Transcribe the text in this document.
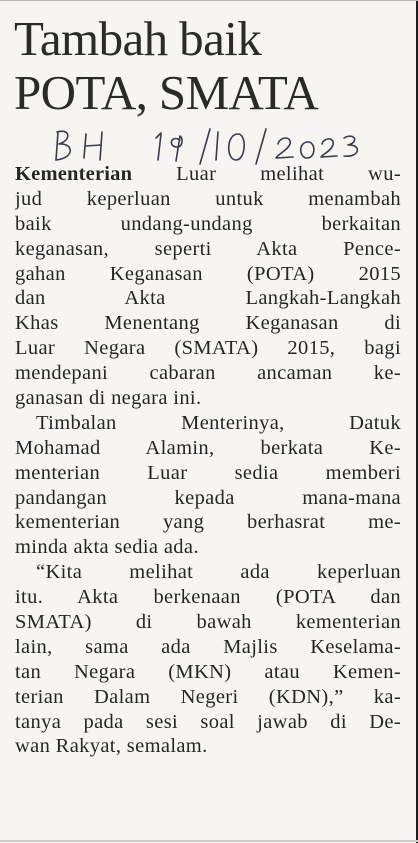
Tambah baik
POTA, SMATA

Kementerian Luar melihat wu-
jud keperluan untuk menambah
baik undang-undang berkaitan
keganasan, seperti Akta Pence-
gahan Keganasan (POTA) 2015
dan Akta Langkah-Langkah
Khas Menentang Keganasan di
Luar Negara (SMATA) 2015, bagi
mendepani cabaran ancaman ke-
ganasan di negara ini.

Timbalan Menterinya, Datuk
Mohamad Alamin, berkata Ke-
menterian Luar sedia memberi
pandangan kepada mana-mana
kementerian yang berhasrat me-
minda akta sedia ada.

“Kita melihat ada keperluan
itu. Akta berkenaan (POTA dan
SMATA) di bawah kementerian
lain, sama ada Majlis Keselama-
tan Negara (MKN) atau Kemen-
terian Dalam Negeri (KDN),” ka-
tanya pada sesi soal jawab di De-
wan Rakyat, semalam.
